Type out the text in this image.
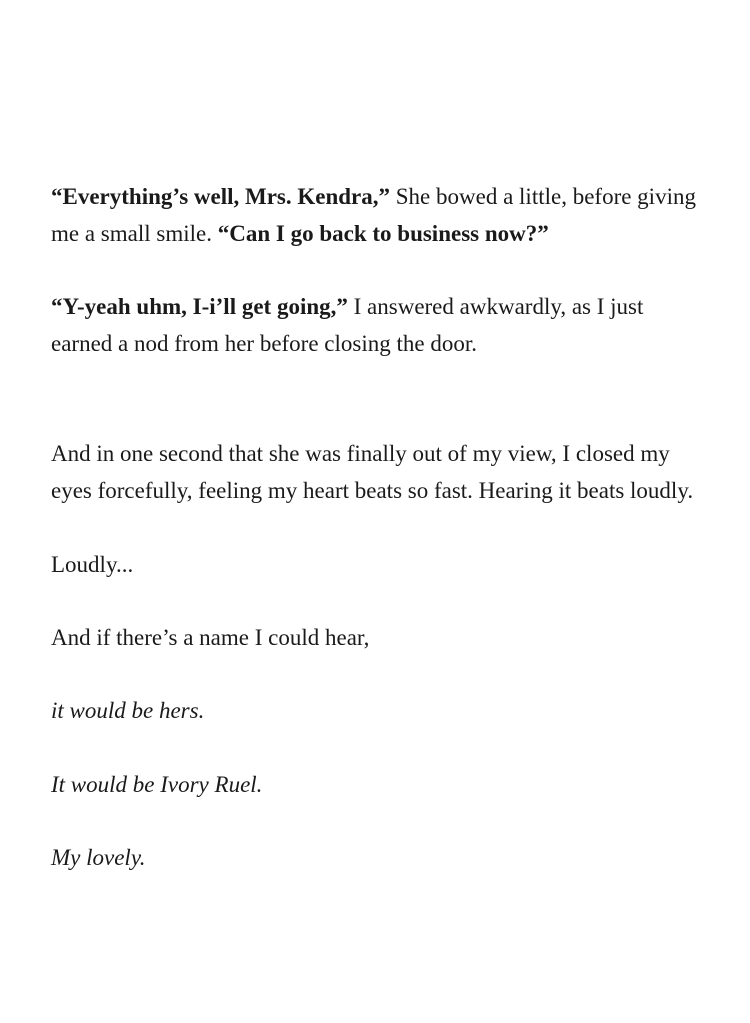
“Everything’s well, Mrs. Kendra,” She bowed a little, before giving
me a small smile. “Can I go back to business now?”

“Y-yeah uhm, I-i’ll get going,” I answered awkwardly, as I just
earned a nod from her before closing the door.

And in one second that she was finally out of my view, I closed my
eyes forcefully, feeling my heart beats so fast. Hearing it beats loudly.

Loudly...

And if there’s a name I could hear,

it would be hers.

It would be Ivory Ruel.

My lovely.
